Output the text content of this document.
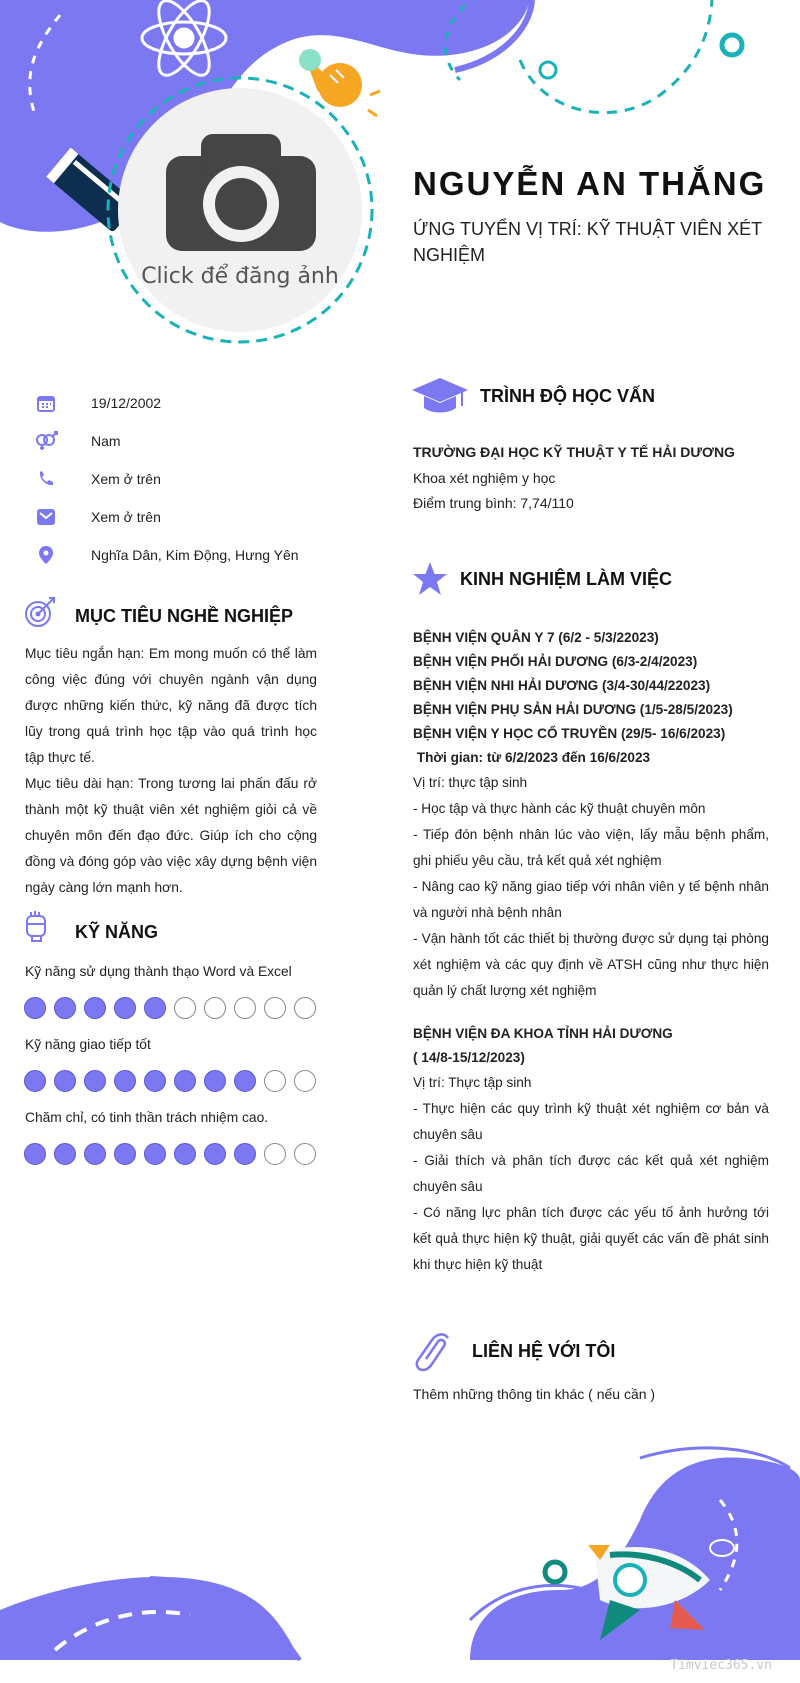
Click để đăng ảnh
NGUYỄN AN THẮNG
ỨNG TUYỂN VỊ TRÍ: KỸ THUẬT VIÊN XÉT NGHIỆM
19/12/2002
Nam
Xem ở trên
Xem ở trên
Nghĩa Dân, Kim Động, Hưng Yên
MỤC TIÊU NGHỀ NGHIỆP
Mục tiêu ngắn hạn: Em mong muốn có thể làm công việc đúng với chuyên ngành vận dụng được những kiến thức, kỹ năng đã được tích lũy trong quá trình học tập vào quá trình học tập thực tế.
Mục tiêu dài hạn: Trong tương lai phấn đấu rở thành một kỹ thuật viên xét nghiệm giỏi cả về chuyên môn đến đạo đức. Giúp ích cho cộng đồng và đóng góp vào việc xây dựng bệnh viện ngày càng lớn mạnh hơn.
KỸ NĂNG
Kỹ năng sử dụng thành thạo Word và Excel
Kỹ năng giao tiếp tốt
Chăm chỉ, có tinh thần trách nhiệm cao.
TRÌNH ĐỘ HỌC VẤN
TRƯỜNG ĐẠI HỌC KỸ THUẬT Y TẾ HẢI DƯƠNG
Khoa xét nghiệm y học
Điểm trung bình: 7,74/110
KINH NGHIỆM LÀM VIỆC
BỆNH VIỆN QUÂN Y 7 (6/2 - 5/3/22023)
BỆNH VIỆN PHỔI HẢI DƯƠNG (6/3-2/4/2023)
BỆNH VIỆN NHI HẢI DƯƠNG (3/4-30/44/22023)
BỆNH VIỆN PHỤ SẢN HẢI DƯƠNG (1/5-28/5/2023)
BỆNH VIỆN Y HỌC CỔ TRUYỀN (29/5- 16/6/2023)
Thời gian: từ 6/2/2023 đến 16/6/2023
Vị trí: thực tập sinh
- Học tập và thực hành các kỹ thuật chuyên môn
- Tiếp đón bệnh nhân lúc vào viện, lấy mẫu bệnh phẩm, ghi phiếu yêu cầu, trả kết quả xét nghiệm
- Nâng cao kỹ năng giao tiếp với nhân viên y tế bệnh nhân và người nhà bệnh nhân
- Vận hành tốt các thiết bị thường được sử dụng tại phòng xét nghiệm và các quy định về ATSH cũng như thực hiện quản lý chất lượng xét nghiệm
BỆNH VIỆN ĐA KHOA TỈNH HẢI DƯƠNG
( 14/8-15/12/2023)
Vị trí: Thực tập sinh
- Thực hiện các quy trình kỹ thuật xét nghiệm cơ bản và chuyên sâu
- Giải thích và phân tích được các kết quả xét nghiệm chuyên sâu
- Có năng lực phân tích được các yếu tố ảnh hưởng tới kết quả thực hiện kỹ thuật, giải quyết các vấn đề phát sinh khi thực hiện kỹ thuật
LIÊN HỆ VỚI TÔI
Thêm những thông tin khác ( nếu cần )
Timviec365.vn
